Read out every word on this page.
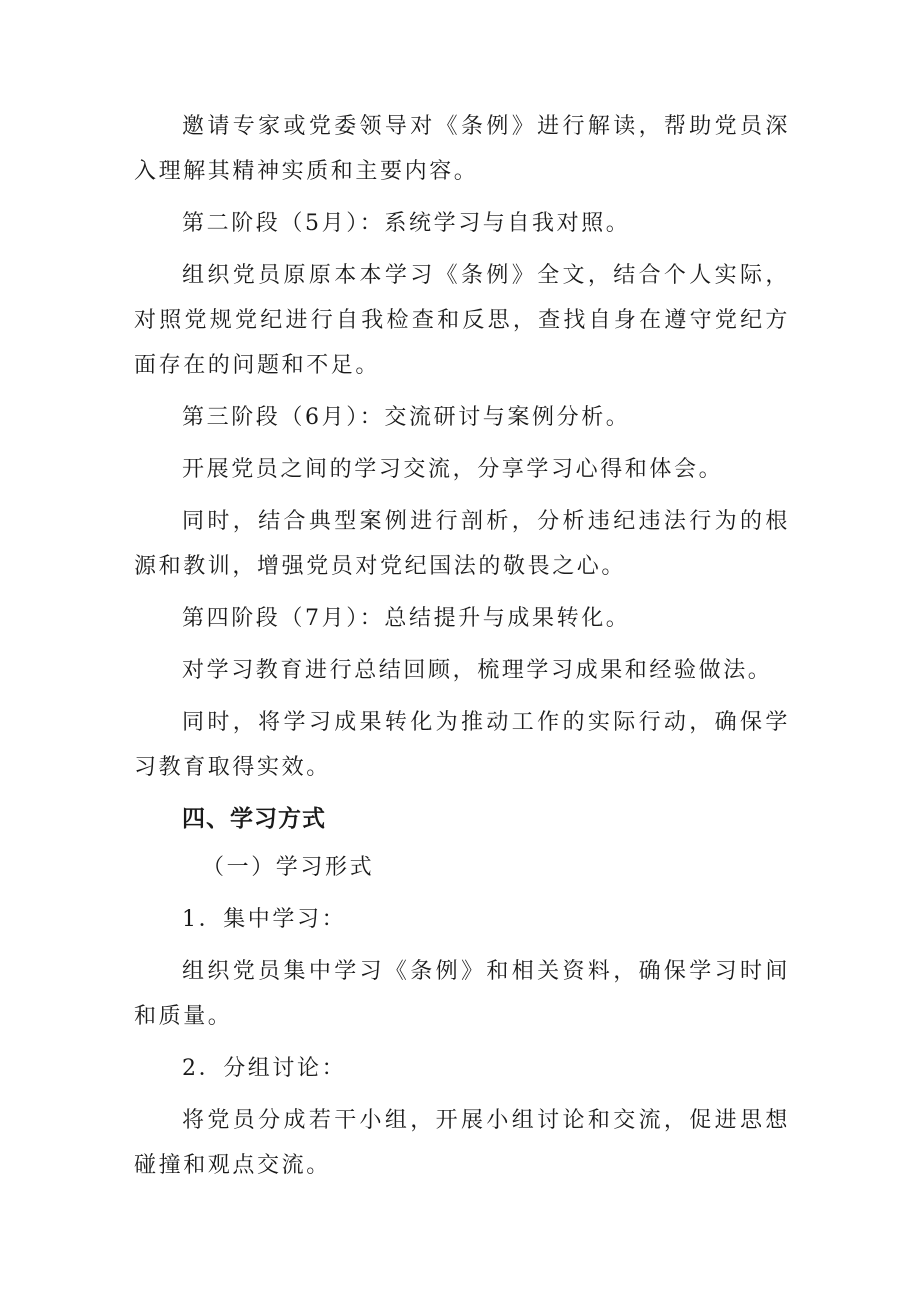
邀请专家或党委领导对《条例》进行解读，帮助党员深入理解其精神实质和主要内容。

第二阶段（5月）：系统学习与自我对照。

组织党员原原本本学习《条例》全文，结合个人实际，对照党规党纪进行自我检查和反思，查找自身在遵守党纪方面存在的问题和不足。

第三阶段（6月）：交流研讨与案例分析。

开展党员之间的学习交流，分享学习心得和体会。

同时，结合典型案例进行剖析，分析违纪违法行为的根源和教训，增强党员对党纪国法的敬畏之心。

第四阶段（7月）：总结提升与成果转化。

对学习教育进行总结回顾，梳理学习成果和经验做法。

同时，将学习成果转化为推动工作的实际行动，确保学习教育取得实效。

四、学习方式
（一）学习形式
1．集中学习：

组织党员集中学习《条例》和相关资料，确保学习时间和质量。

2．分组讨论：

将党员分成若干小组，开展小组讨论和交流，促进思想碰撞和观点交流。
